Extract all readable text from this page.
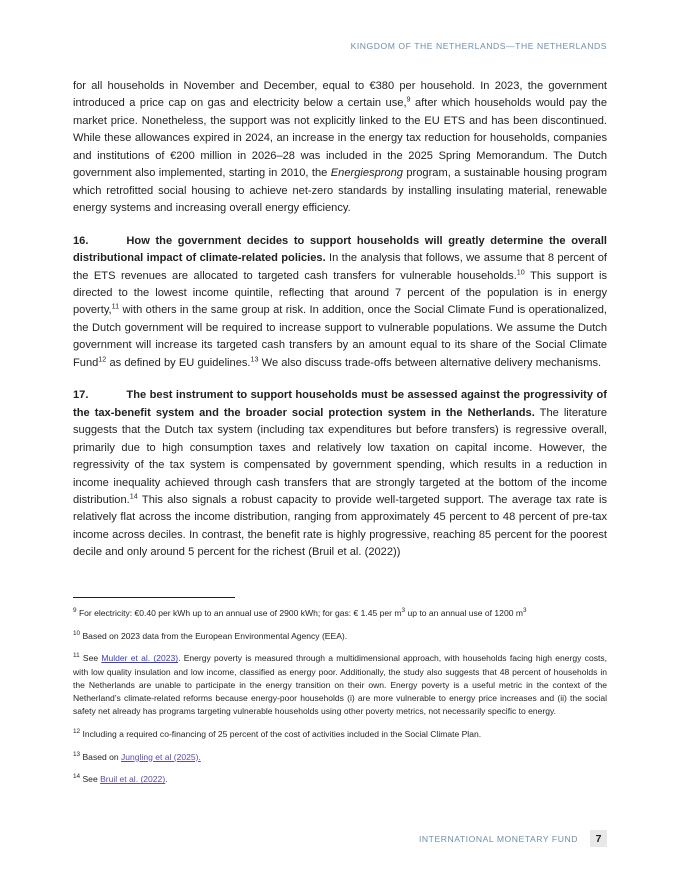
KINGDOM OF THE NETHERLANDS—THE NETHERLANDS

for all households in November and December, equal to €380 per household. In 2023, the government introduced a price cap on gas and electricity below a certain use,$^9$ after which households would pay the market price. Nonetheless, the support was not explicitly linked to the EU ETS and has been discontinued. While these allowances expired in 2024, an increase in the energy tax reduction for households, companies and institutions of €200 million in 2026–28 was included in the 2025 Spring Memorandum. The Dutch government also implemented, starting in 2010, the Energiesprong program, a sustainable housing program which retrofitted social housing to achieve net-zero standards by installing insulating material, renewable energy systems and increasing overall energy efficiency.

16.	How the government decides to support households will greatly determine the overall distributional impact of climate-related policies. In the analysis that follows, we assume that 8 percent of the ETS revenues are allocated to targeted cash transfers for vulnerable households.$^{10}$ This support is directed to the lowest income quintile, reflecting that around 7 percent of the population is in energy poverty,$^{11}$ with others in the same group at risk. In addition, once the Social Climate Fund is operationalized, the Dutch government will be required to increase support to vulnerable populations. We assume the Dutch government will increase its targeted cash transfers by an amount equal to its share of the Social Climate Fund$^{12}$ as defined by EU guidelines.$^{13}$ We also discuss trade-offs between alternative delivery mechanisms.

17.	The best instrument to support households must be assessed against the progressivity of the tax-benefit system and the broader social protection system in the Netherlands. The literature suggests that the Dutch tax system (including tax expenditures but before transfers) is regressive overall, primarily due to high consumption taxes and relatively low taxation on capital income. However, the regressivity of the tax system is compensated by government spending, which results in a reduction in income inequality achieved through cash transfers that are strongly targeted at the bottom of the income distribution.$^{14}$ This also signals a robust capacity to provide well-targeted support. The average tax rate is relatively flat across the income distribution, ranging from approximately 45 percent to 48 percent of pre-tax income across deciles. In contrast, the benefit rate is highly progressive, reaching 85 percent for the poorest decile and only around 5 percent for the richest (Bruil et al. (2022))

$^9$ For electricity: €0.40 per kWh up to an annual use of 2900 kWh; for gas: € 1.45 per $m^3$ up to an annual use of 1200 $m^3$

$^{10}$ Based on 2023 data from the European Environmental Agency (EEA).

$^{11}$ See Mulder et al. (2023). Energy poverty is measured through a multidimensional approach, with households facing high energy costs, with low quality insulation and low income, classified as energy poor. Additionally, the study also suggests that 48 percent of households in the Netherlands are unable to participate in the energy transition on their own. Energy poverty is a useful metric in the context of the Netherland’s climate-related reforms because energy-poor households (i) are more vulnerable to energy price increases and (ii) the social safety net already has programs targeting vulnerable households using other poverty metrics, not necessarily specific to energy.

$^{12}$ Including a required co-financing of 25 percent of the cost of activities included in the Social Climate Plan.

$^{13}$ Based on Jungling et al (2025).

$^{14}$ See Bruil et al. (2022).

INTERNATIONAL MONETARY FUND	7
